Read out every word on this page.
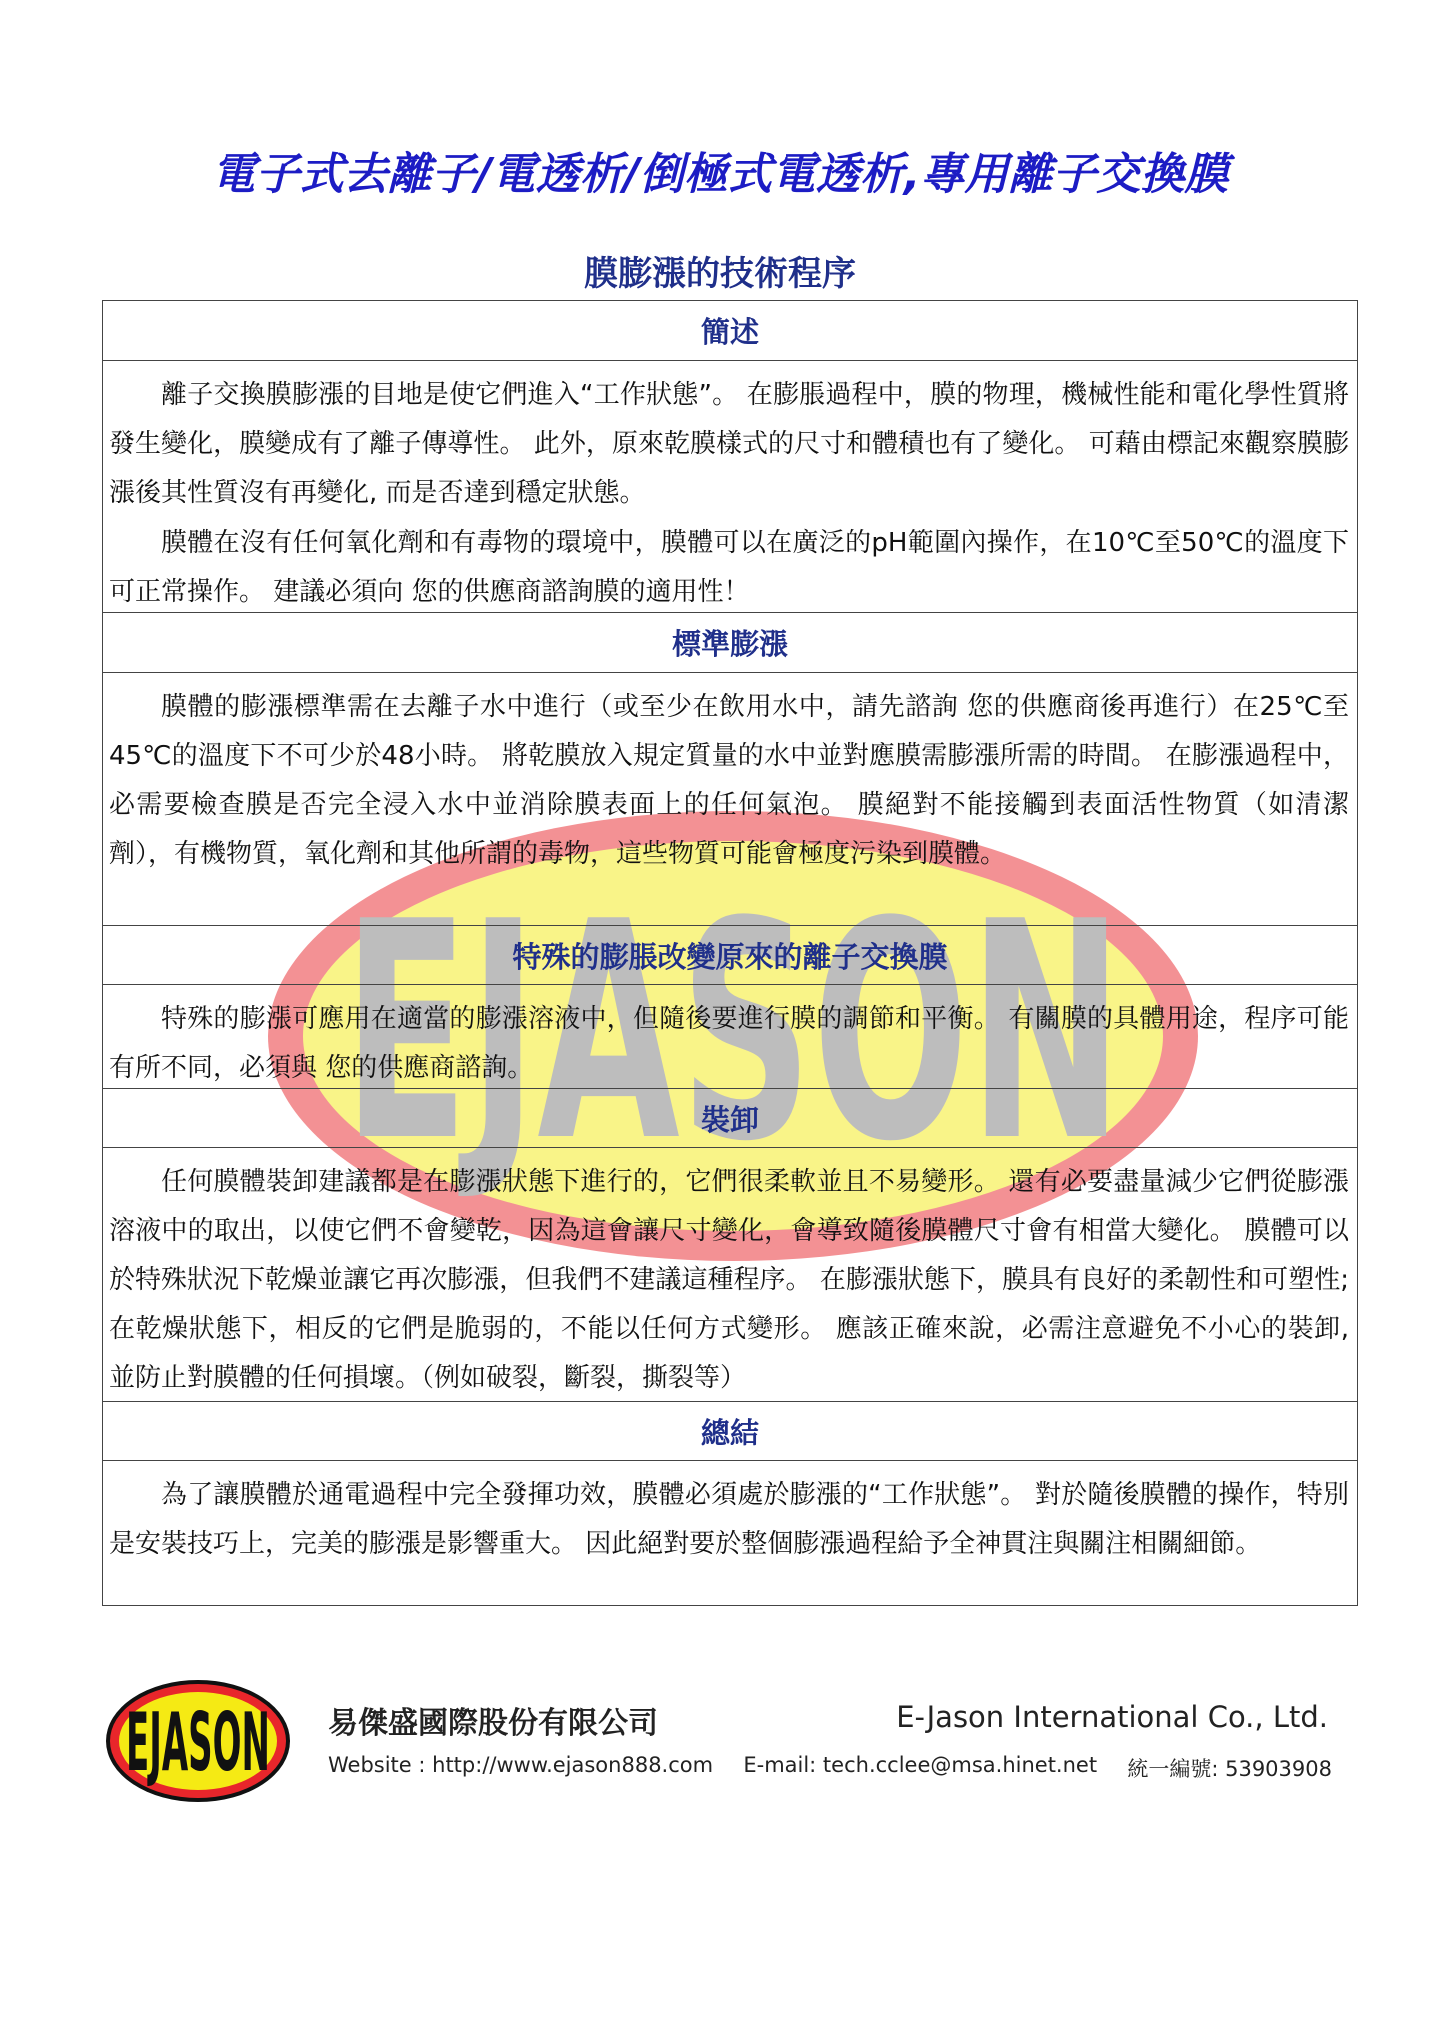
電子式去離子/電透析/倒極式電透析,專用離子交換膜
膜膨漲的技術程序
EJASON
簡述

離子交換膜膨漲的目地是使它們進入“工作狀態”。 在膨脹過程中，膜的物理，機械性能和電化學性質將發生變化，膜變成有了離子傳導性。 此外，原來乾膜樣式的尺寸和體積也有了變化。 可藉由標記來觀察膜膨漲後其性質沒有再變化, 而是否達到穩定狀態。

膜體在沒有任何氧化劑和有毒物的環境中，膜體可以在廣泛的pH範圍內操作，在10℃至50℃的溫度下可正常操作。 建議必須向 您的供應商諮詢膜的適用性！

標準膨漲

膜體的膨漲標準需在去離子水中進行（或至少在飲用水中，請先諮詢 您的供應商後再進行）在25℃至45℃的溫度下不可少於48小時。 將乾膜放入規定質量的水中並對應膜需膨漲所需的時間。 在膨漲過程中，必需要檢查膜是否完全浸入水中並消除膜表面上的任何氣泡。 膜絕對不能接觸到表面活性物質（如清潔劑），有機物質，氧化劑和其他所謂的毒物，這些物質可能會極度污染到膜體。

特殊的膨脹改變原來的離子交換膜

特殊的膨漲可應用在適當的膨漲溶液中，但隨後要進行膜的調節和平衡。 有關膜的具體用途，程序可能有所不同，必須與 您的供應商諮詢。

裝卸

任何膜體裝卸建議都是在膨漲狀態下進行的，它們很柔軟並且不易變形。 還有必要盡量減少它們從膨漲溶液中的取出，以使它們不會變乾，因為這會讓尺寸變化，會導致隨後膜體尺寸會有相當大變化。 膜體可以於特殊狀況下乾燥並讓它再次膨漲，但我們不建議這種程序。 在膨漲狀態下，膜具有良好的柔韌性和可塑性; 在乾燥狀態下，相反的它們是脆弱的，不能以任何方式變形。 應該正確來說，必需注意避免不小心的裝卸, 並防止對膜體的任何損壞。（例如破裂，斷裂，撕裂等）

總結

為了讓膜體於通電過程中完全發揮功效，膜體必須處於膨漲的“工作狀態”。 對於隨後膜體的操作，特別是安裝技巧上，完美的膨漲是影響重大。 因此絕對要於整個膨漲過程給予全神貫注與關注相關細節。

EJASON 易傑盛國際股份有限公司	E-Jason International Co., Ltd.

Website : http://www.ejason888.com E-mail: tech.cclee@msa.hinet.net 統一編號: 53903908
